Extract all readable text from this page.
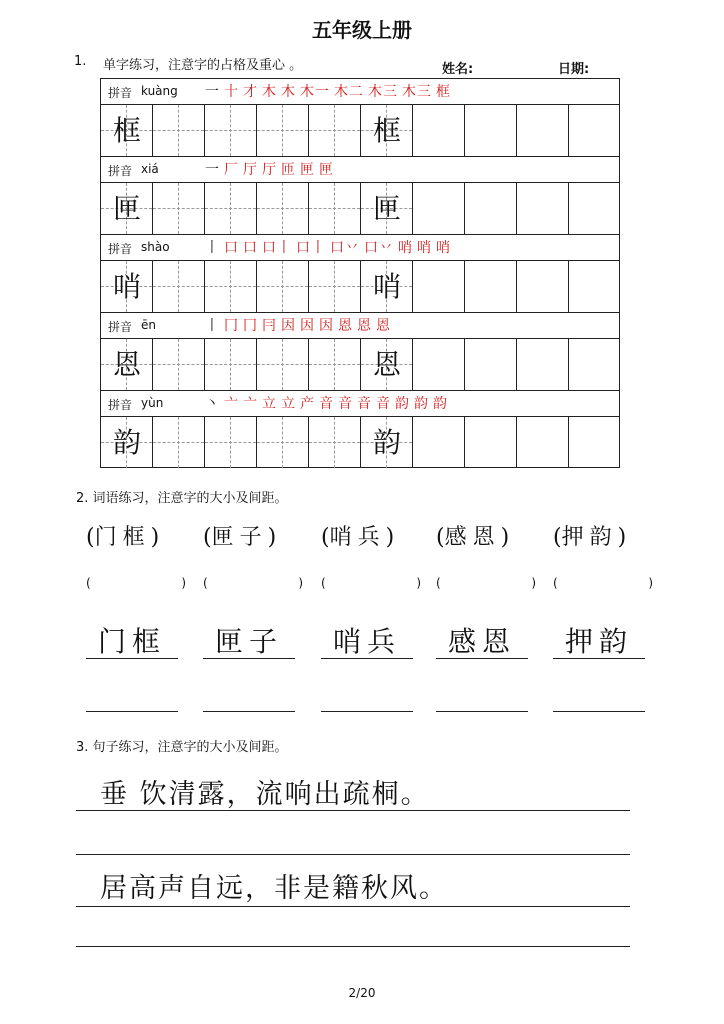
五年级上册
1. 单字练习，注意字的占格及重心 。	姓名:	日期:
拼音 kuàng 一 十 才 木 木 木一 木二 木三 木三 框
框	框
拼音 xiá	一 厂 厅 厅 匝 匣 匣
匣	匣
拼音 shào	丨 口 口 口丨 口丨 口丷 口丷 哨 哨 哨
哨	哨
拼音 ēn	丨 冂 冂 冃 因 因 因 恩 恩 恩
恩	恩
拼音 yùn	丶 亠 亠 立 立 产 音 音 音 音 韵 韵 韵
韵	韵
2. 词语练习，注意字的大小及间距。
(门框)
(	)
门框
(匣子)
(	)
匣子
(哨兵)
(	)
哨兵
(感恩)
(	)
感恩
(押韵)
(	)
押韵
3. 句子练习，注意字的大小及间距。
垂 饮清露，流响出疏桐。
居高声自远，非是籍秋风。
2/20
